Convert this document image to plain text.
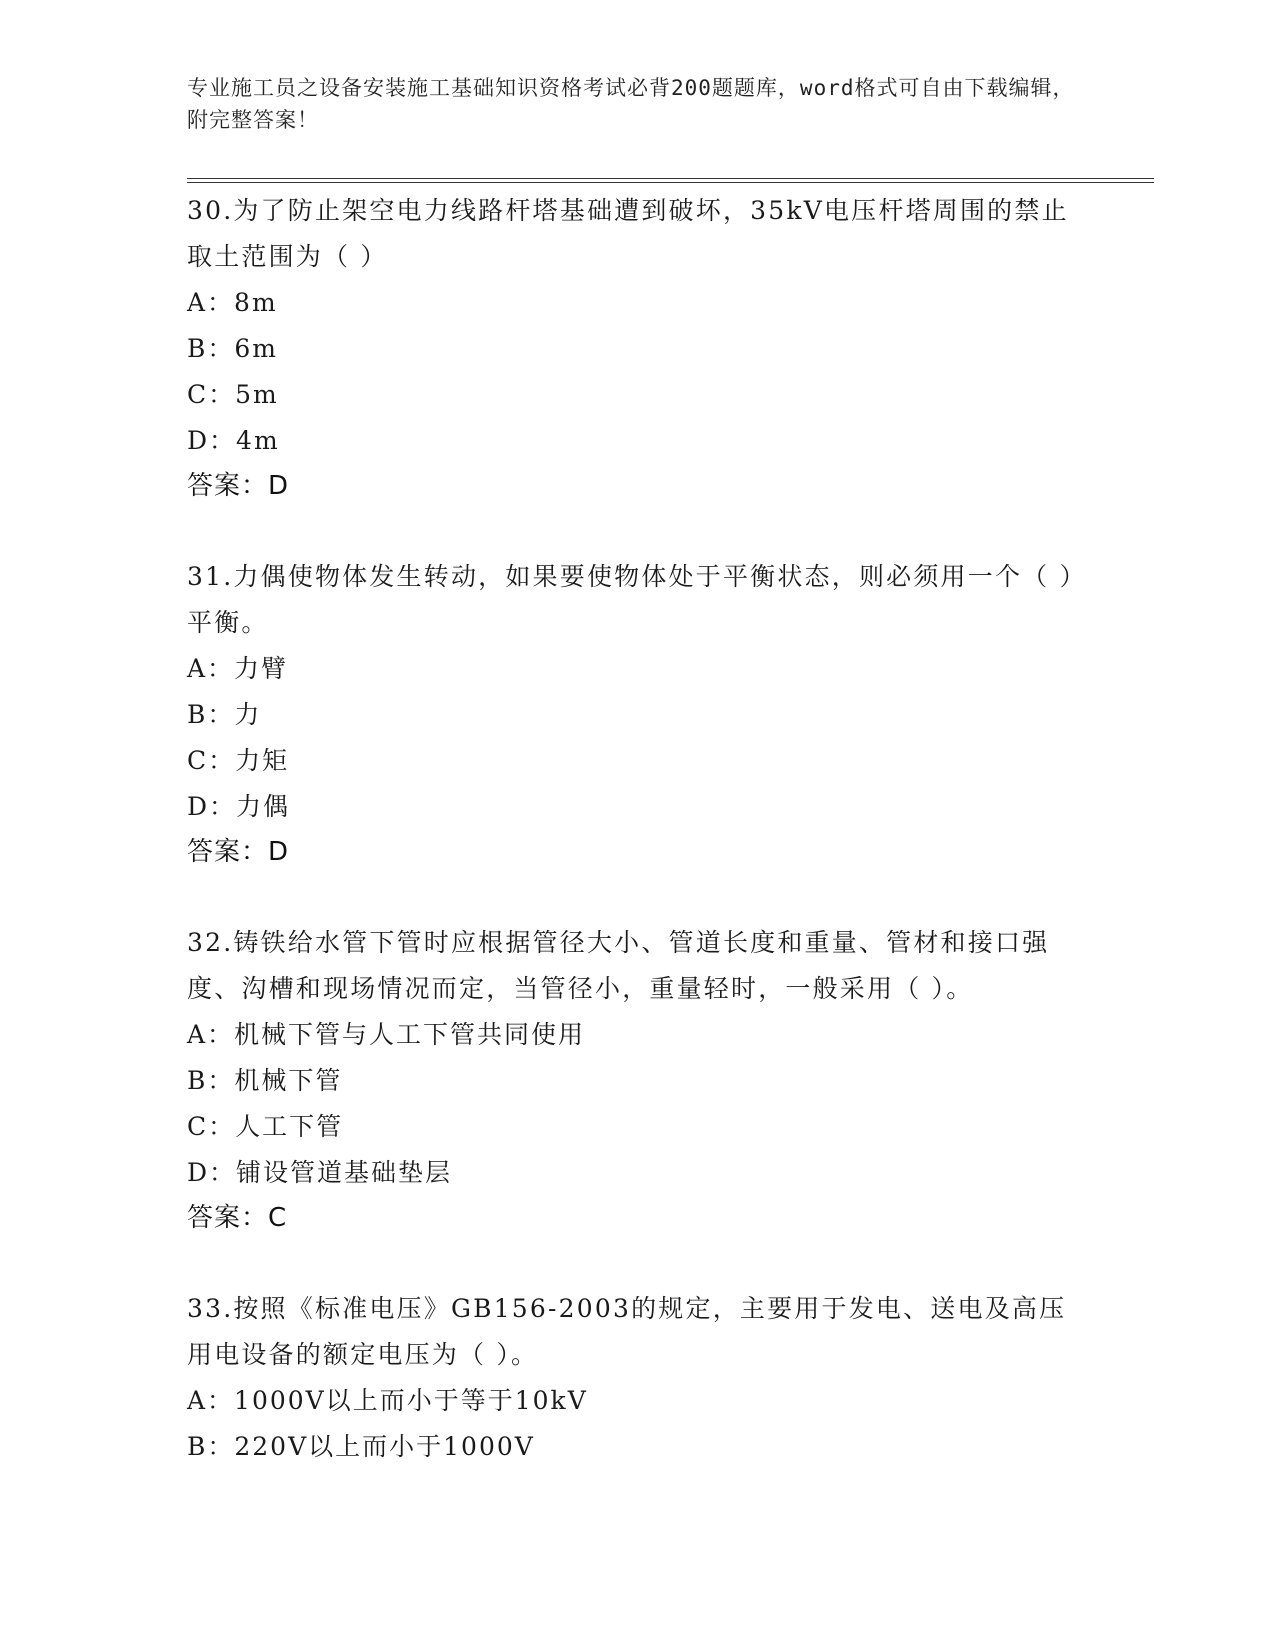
专业施工员之设备安装施工基础知识资格考试必背200题题库，word格式可自由下载编辑，附完整答案！
30.为了防止架空电力线路杆塔基础遭到破坏，35kV电压杆塔周围的禁止取土范围为（ ）
A：8m
B：6m
C：5m
D：4m
答案：D
31.力偶使物体发生转动，如果要使物体处于平衡状态，则必须用一个（ ）平衡。
A：力臂
B：力
C：力矩
D：力偶
答案：D
32.铸铁给水管下管时应根据管径大小、管道长度和重量、管材和接口强度、沟槽和现场情况而定，当管径小，重量轻时，一般采用（ ）。
A：机械下管与人工下管共同使用
B：机械下管
C：人工下管
D：铺设管道基础垫层
答案：C
33.按照《标准电压》GB156-2003的规定，主要用于发电、送电及高压用电设备的额定电压为（ ）。
A：1000V以上而小于等于10kV
B：220V以上而小于1000V
